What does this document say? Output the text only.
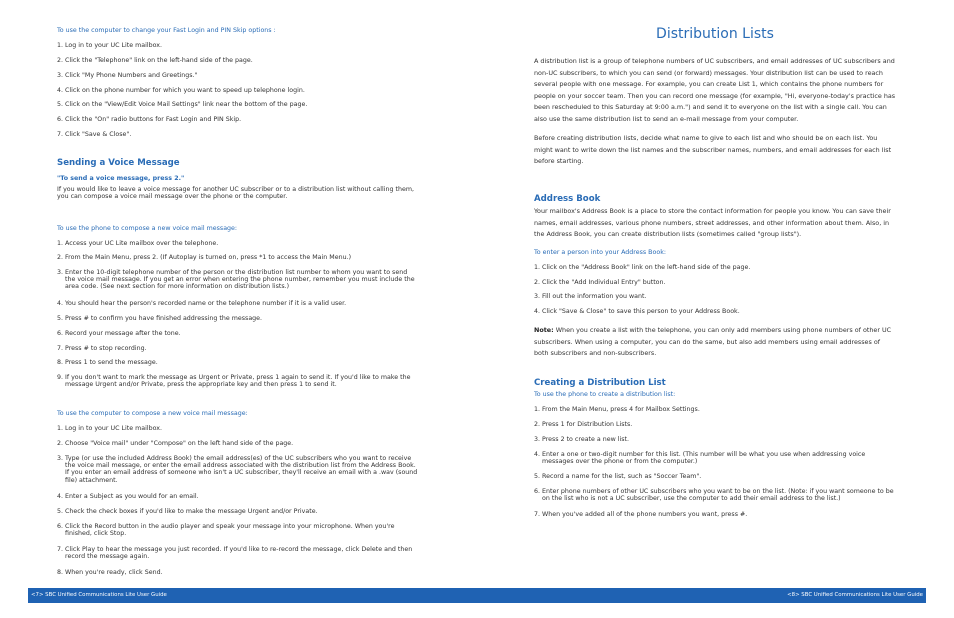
To use the computer to change your Fast Login and PIN Skip options :

1. Log in to your UC Lite mailbox.

2. Click the "Telephone" link on the left-hand side of the page.

3. Click "My Phone Numbers and Greetings."

4. Click on the phone number for which you want to speed up telephone login.

5. Click on the "View/Edit Voice Mail Settings" link near the bottom of the page.

6. Click the "On" radio buttons for Fast Login and PIN Skip.

7. Click "Save & Close".

Sending a Voice Message

"To send a voice message, press 2."

If you would like to leave a voice message for another UC subscriber or to a distribution list without calling them, you can compose a voice mail message over the phone or the computer.

To use the phone to compose a new voice mail message:

1. Access your UC Lite mailbox over the telephone.

2. From the Main Menu, press 2. (If Autoplay is turned on, press *1 to access the Main Menu.)

3. Enter the 10-digit telephone number of the person or the distribution list number to whom you want to send the voice mail message. If you get an error when entering the phone number, remember you must include the area code. (See next section for more information on distribution lists.)

4. You should hear the person's recorded name or the telephone number if it is a valid user.

5. Press # to confirm you have finished addressing the message.

6. Record your message after the tone.

7. Press # to stop recording.

8. Press 1 to send the message.

9. If you don't want to mark the message as Urgent or Private, press 1 again to send it. If you'd like to make the message Urgent and/or Private, press the appropriate key and then press 1 to send it.

To use the computer to compose a new voice mail message:

1. Log in to your UC Lite mailbox.

2. Choose "Voice mail" under "Compose" on the left hand side of the page.

3. Type (or use the included Address Book) the email address(es) of the UC subscribers who you want to receive the voice mail message, or enter the email address associated with the distribution list from the Address Book. If you enter an email address of someone who isn't a UC subscriber, they'll receive an email with a .wav (sound file) attachment.

4. Enter a Subject as you would for an email.

5. Check the check boxes if you'd like to make the message Urgent and/or Private.

6. Click the Record button in the audio player and speak your message into your microphone. When you're finished, click Stop.

7. Click Play to hear the message you just recorded. If you'd like to re-record the message, click Delete and then record the message again.

8. When you're ready, click Send.

Distribution Lists

A distribution list is a group of telephone numbers of UC subscribers, and email addresses of UC subscribers and non-UC subscribers, to which you can send (or forward) messages. Your distribution list can be used to reach several people with one message. For example, you can create List 1, which contains the phone numbers for people on your soccer team. Then you can record one message (for example, "Hi, everyone-today's practice has been rescheduled to this Saturday at 9:00 a.m.") and send it to everyone on the list with a single call. You can also use the same distribution list to send an e-mail message from your computer.

Before creating distribution lists, decide what name to give to each list and who should be on each list. You might want to write down the list names and the subscriber names, numbers, and email addresses for each list before starting.

Address Book

Your mailbox's Address Book is a place to store the contact information for people you know. You can save their names, email addresses, various phone numbers, street addresses, and other information about them. Also, in the Address Book, you can create distribution lists (sometimes called "group lists").

To enter a person into your Address Book:

1. Click on the "Address Book" link on the left-hand side of the page.

2. Click the "Add Individual Entry" button.

3. Fill out the information you want.

4. Click "Save & Close" to save this person to your Address Book.

Note: When you create a list with the telephone, you can only add members using phone numbers of other UC subscribers. When using a computer, you can do the same, but also add members using email addresses of both subscribers and non-subscribers.

Creating a Distribution List

To use the phone to create a distribution list:

1. From the Main Menu, press 4 for Mailbox Settings.

2. Press 1 for Distribution Lists.

3. Press 2 to create a new list.

4. Enter a one or two-digit number for this list. (This number will be what you use when addressing voice messages over the phone or from the computer.)

5. Record a name for the list, such as "Soccer Team".

6. Enter phone numbers of other UC subscribers who you want to be on the list. (Note: if you want someone to be on the list who is not a UC subscriber, use the computer to add their email address to the list.)

7. When you've added all of the phone numbers you want, press #.

<7> SBC Unified Communications Lite User Guide	<8> SBC Unified Communications Lite User Guide
